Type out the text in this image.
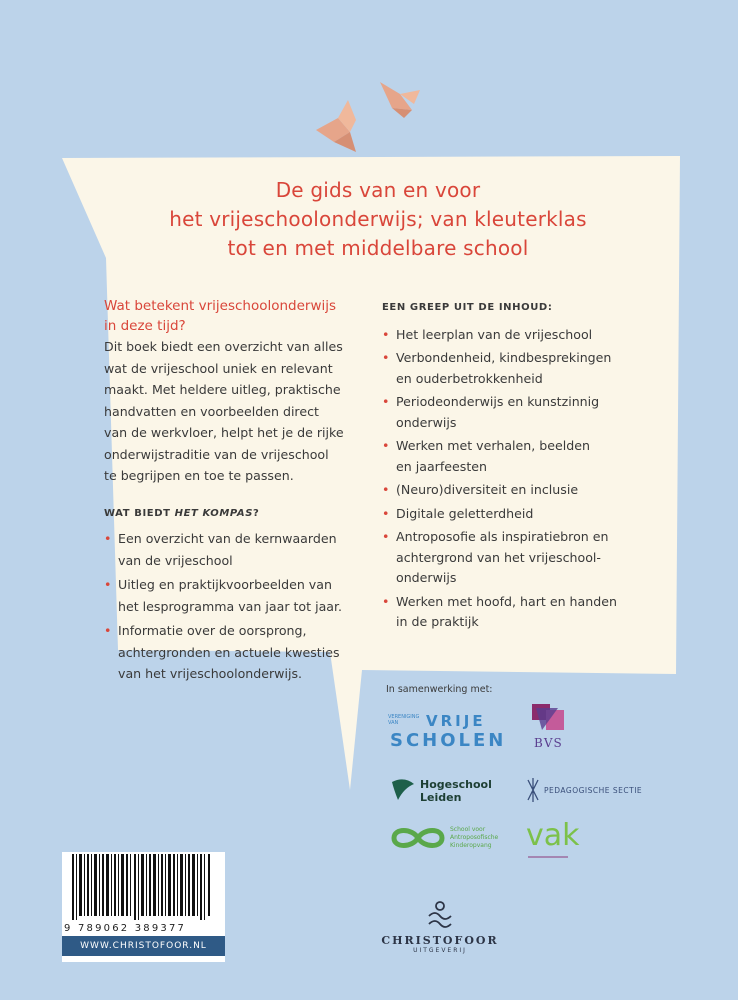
De gids van en voor
het vrijeschoolonderwijs; van kleuterklas
tot en met middelbare school
Wat betekent vrijeschoolonderwijs
in deze tijd?
Dit boek biedt een overzicht van alles
wat de vrijeschool uniek en relevant
maakt. Met heldere uitleg, praktische
handvatten en voorbeelden direct
van de werkvloer, helpt het je de rijke
onderwijstraditie van de vrijeschool
te begrijpen en toe te passen.
WAT BIEDT HET KOMPAS?
• Een overzicht van de kernwaarden
van de vrijeschool
• Uitleg en praktijkvoorbeelden van
het lesprogramma van jaar tot jaar.
• Informatie over de oorsprong,
achtergronden en actuele kwesties
van het vrijeschoolonderwijs.
EEN GREEP UIT DE INHOUD:
• Het leerplan van de vrijeschool
• Verbondenheid, kindbesprekingen
en ouderbetrokkenheid
• Periodeonderwijs en kunstzinnig
onderwijs
• Werken met verhalen, beelden
en jaarfeesten
• (Neuro)diversiteit en inclusie
• Digitale geletterdheid
• Antroposofie als inspiratiebron en
achtergrond van het vrijeschool-
onderwijs
• Werken met hoofd, hart en handen
in de praktijk
In samenwerking met:
VERENIGING VAN	VRIJE
SCHOLEN BVS
Hogeschool
Leiden
PEDAGOGISCHE SECTIE
School voor
Antroposofische
Kinderopvang vak
9 789062 389377
WWW.CHRISTOFOOR.NL	CHRISTOFOOR
UITGEVERIJ
